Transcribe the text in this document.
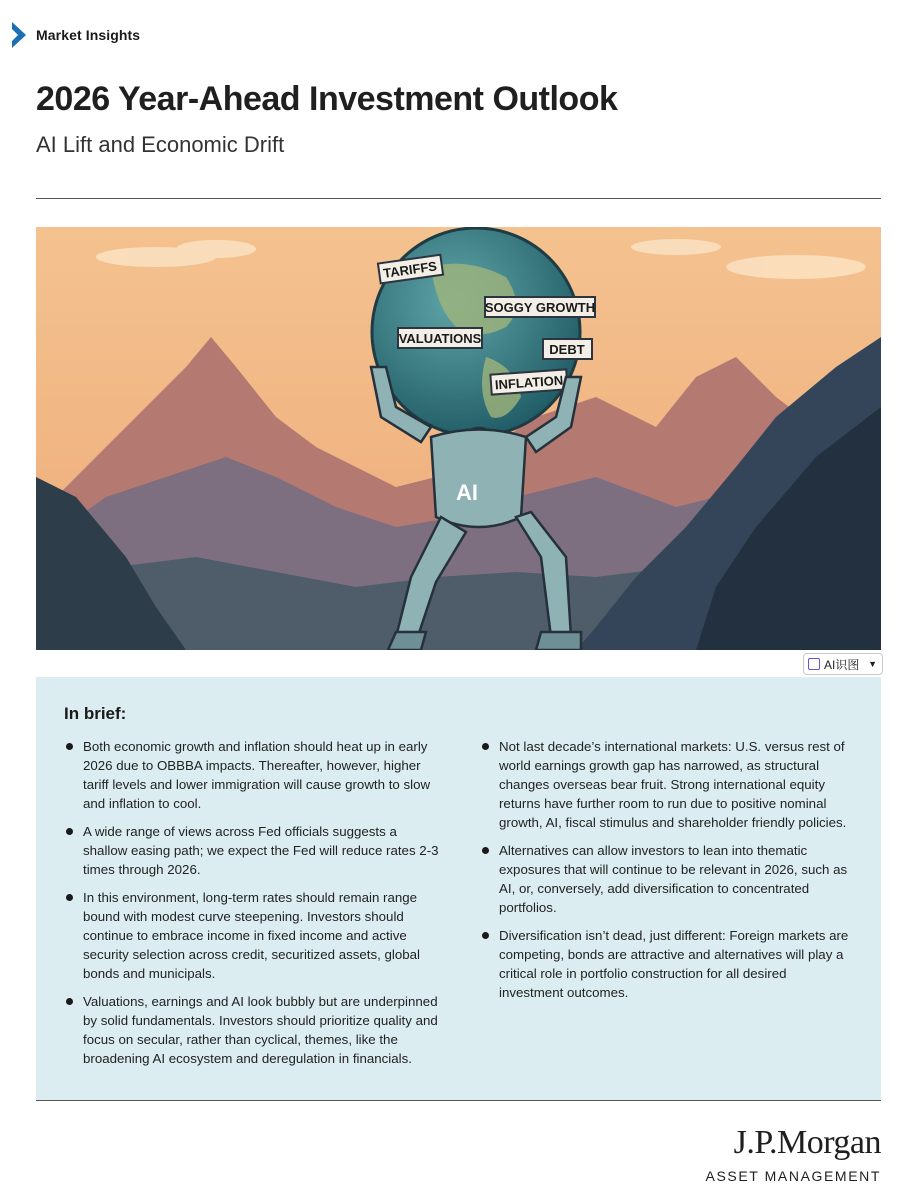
Market Insights
2026 Year-Ahead Investment Outlook
AI Lift and Economic Drift
TARIFFS
SOGGY GROWTH
VALUATIONS
DEBT
INFLATION
AI
AI识图 ▼
In brief:
Both economic growth and inflation should heat up in early 2026 due to OBBBA impacts. Thereafter, however, higher tariff levels and lower immigration will cause growth to slow and inflation to cool.
A wide range of views across Fed officials suggests a shallow easing path; we expect the Fed will reduce rates 2-3 times through 2026.
In this environment, long-term rates should remain range bound with modest curve steepening. Investors should continue to embrace income in fixed income and active security selection across credit, securitized assets, global bonds and municipals.
Valuations, earnings and AI look bubbly but are underpinned by solid fundamentals. Investors should prioritize quality and focus on secular, rather than cyclical, themes, like the broadening AI ecosystem and deregulation in financials.
Not last decade’s international markets: U.S. versus rest of world earnings growth gap has narrowed, as structural changes overseas bear fruit. Strong international equity returns have further room to run due to positive nominal growth, AI, fiscal stimulus and shareholder friendly policies.
Alternatives can allow investors to lean into thematic exposures that will continue to be relevant in 2026, such as AI, or, conversely, add diversification to concentrated portfolios.
Diversification isn’t dead, just different: Foreign markets are competing, bonds are attractive and alternatives will play a critical role in portfolio construction for all desired investment outcomes.
J.P.Morgan
ASSET MANAGEMENT
